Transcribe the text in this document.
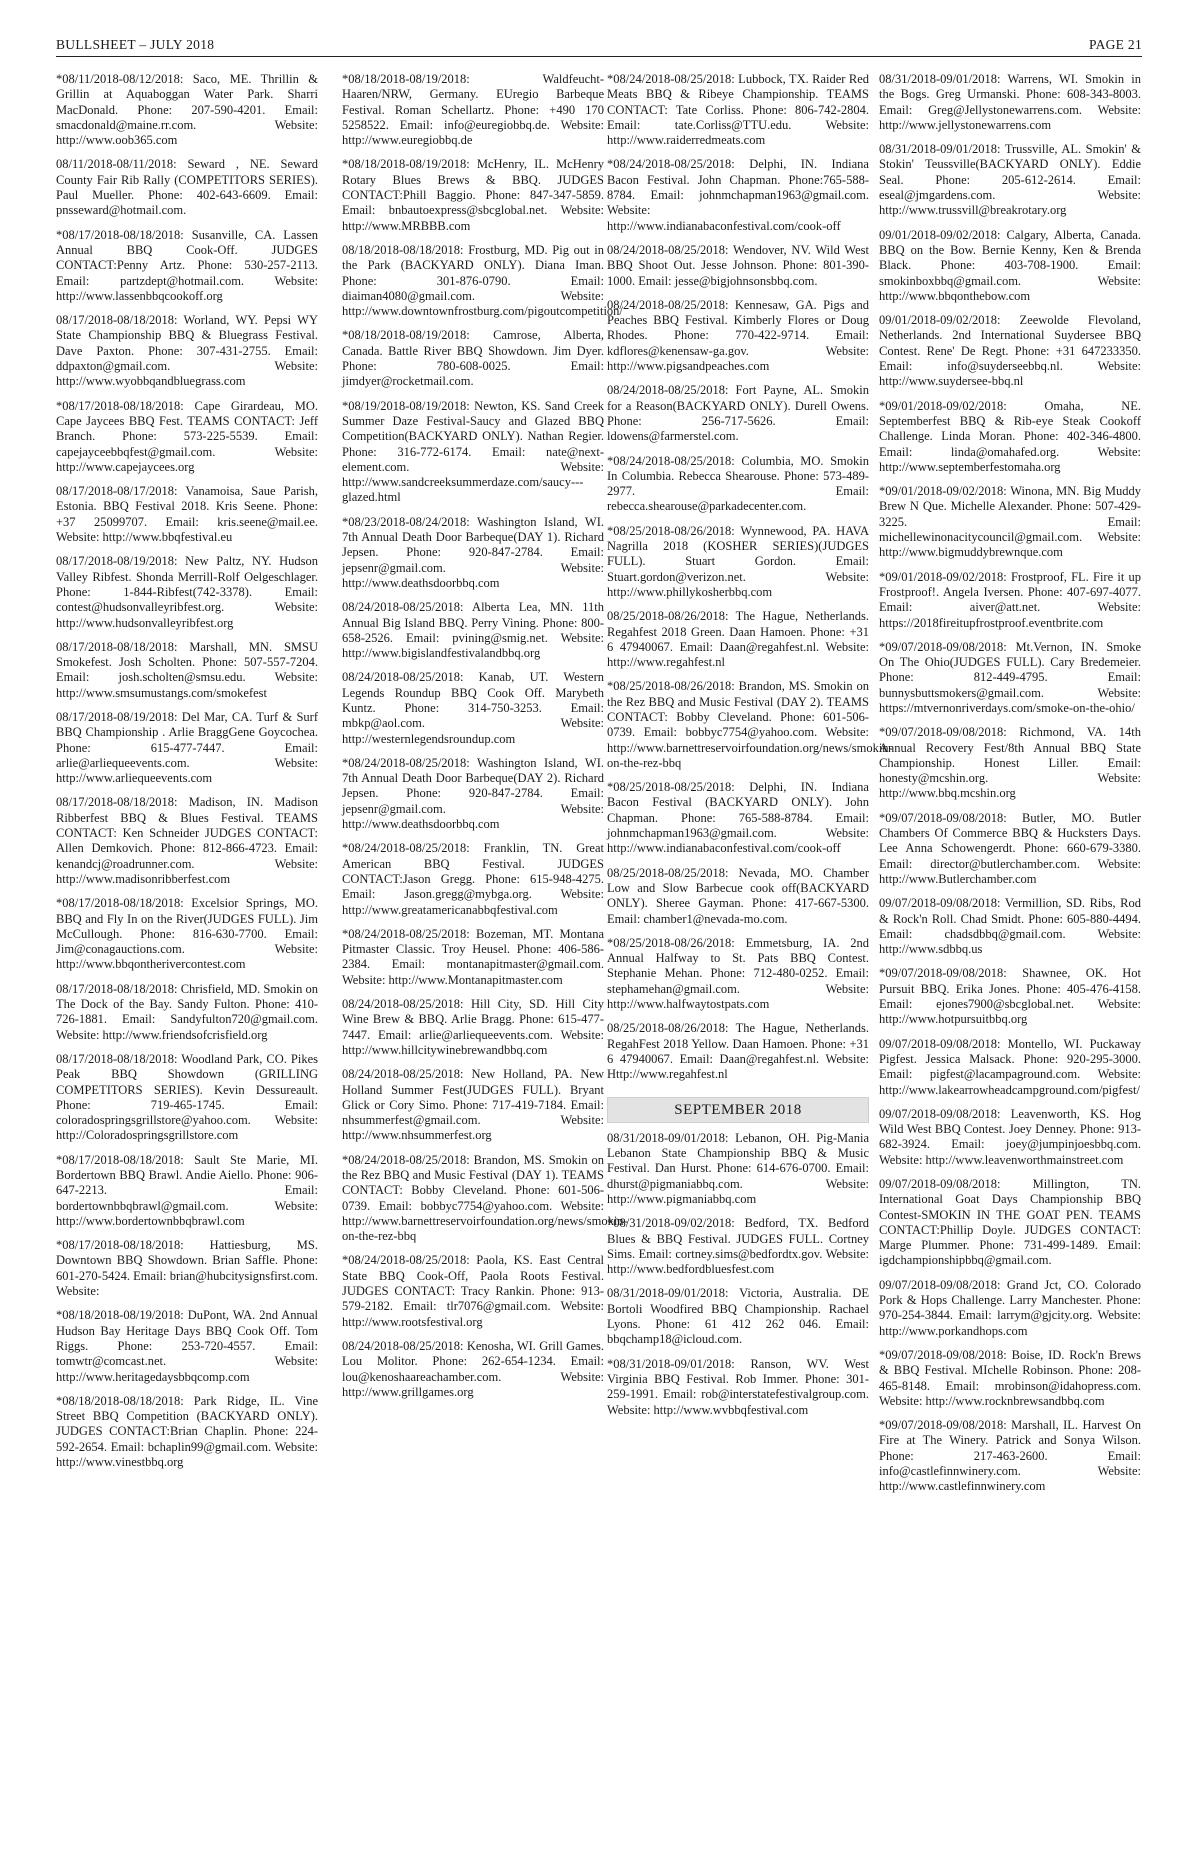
BULLSHEET – JULY 2018	PAGE 21

*08/11/2018-08/12/2018: Saco, ME. Thrillin & Grillin at Aquaboggan Water Park. Sharri MacDonald. Phone: 207-590-4201. Email: smacdonald@maine.rr.com. Website: http://www.oob365.com

08/11/2018-08/11/2018: Seward , NE. Seward County Fair Rib Rally (COMPETITORS SERIES). Paul Mueller. Phone: 402-643-6609. Email: pnsseward@hotmail.com.

*08/17/2018-08/18/2018: Susanville, CA. Lassen Annual BBQ Cook-Off. JUDGES CONTACT:Penny Artz. Phone: 530-257-2113. Email: partzdept@hotmail.com. Website: http://www.lassenbbqcookoff.org

08/17/2018-08/18/2018: Worland, WY. Pepsi WY State Championship BBQ & Bluegrass Festival. Dave Paxton. Phone: 307-431-2755. Email: ddpaxton@gmail.com. Website: http://www.wyobbqandbluegrass.com

*08/17/2018-08/18/2018: Cape Girardeau, MO. Cape Jaycees BBQ Fest. TEAMS CONTACT: Jeff Branch. Phone: 573-225-5539. Email: capejayceebbqfest@gmail.com. Website: http://www.capejaycees.org

08/17/2018-08/17/2018: Vanamoisa, Saue Parish, Estonia. BBQ Festival 2018. Kris Seene. Phone: +37 25099707. Email: kris.seene@mail.ee. Website: http://www.bbqfestival.eu

08/17/2018-08/19/2018: New Paltz, NY. Hudson Valley Ribfest. Shonda Merrill-Rolf Oelgeschlager. Phone: 1-844-Ribfest(742-3378). Email: contest@hudsonvalleyribfest.org. Website: http://www.hudsonvalleyribfest.org

08/17/2018-08/18/2018: Marshall, MN. SMSU Smokefest. Josh Scholten. Phone: 507-557-7204. Email: josh.scholten@smsu.edu. Website: http://www.smsumustangs.com/smokefest

08/17/2018-08/19/2018: Del Mar, CA. Turf & Surf BBQ Championship . Arlie BraggGene Goycochea. Phone: 615-477-7447. Email: arlie@arliequeevents.com. Website: http://www.arliequeevents.com

08/17/2018-08/18/2018: Madison, IN. Madison Ribberfest BBQ & Blues Festival. TEAMS CONTACT: Ken Schneider JUDGES CONTACT: Allen Demkovich. Phone: 812-866-4723. Email: kenandcj@roadrunner.com. Website: http://www.madisonribberfest.com

*08/17/2018-08/18/2018: Excelsior Springs, MO. BBQ and Fly In on the River(JUDGES FULL). Jim McCullough. Phone: 816-630-7700. Email: Jim@conagauctions.com. Website: http://www.bbqontherivercontest.com

08/17/2018-08/18/2018: Chrisfield, MD. Smokin on The Dock of the Bay. Sandy Fulton. Phone: 410-726-1881. Email: Sandyfulton720@gmail.com. Website: http://www.friendsofcrisfield.org

08/17/2018-08/18/2018: Woodland Park, CO. Pikes Peak BBQ Showdown (GRILLING COMPETITORS SERIES). Kevin Dessureault. Phone: 719-465-1745. Email: coloradospringsgrillstore@yahoo.com. Website: http://Coloradospringsgrillstore.com

*08/17/2018-08/18/2018: Sault Ste Marie, MI. Bordertown BBQ Brawl. Andie Aiello. Phone: 906-647-2213. Email: bordertownbbqbrawl@gmail.com. Website: http://www.bordertownbbqbrawl.com

*08/17/2018-08/18/2018: Hattiesburg, MS. Downtown BBQ Showdown. Brian Saffle. Phone: 601-270-5424. Email: brian@hubcitysignsfirst.com. Website:

*08/18/2018-08/19/2018: DuPont, WA. 2nd Annual Hudson Bay Heritage Days BBQ Cook Off. Tom Riggs. Phone: 253-720-4557. Email: tomwtr@comcast.net. Website: http://www.heritagedaysbbqcomp.com

*08/18/2018-08/18/2018: Park Ridge, IL. Vine Street BBQ Competition (BACKYARD ONLY). JUDGES CONTACT:Brian Chaplin. Phone: 224-592-2654. Email: bchaplin99@gmail.com. Website: http://www.vinestbbq.org

*08/18/2018-08/19/2018: Waldfeucht-Haaren/NRW, Germany. EUregio Barbeque Festival. Roman Schellartz. Phone: +490 170 5258522. Email: info@euregiobbq.de. Website: http://www.euregiobbq.de

*08/18/2018-08/19/2018: McHenry, IL. McHenry Rotary Blues Brews & BBQ. JUDGES CONTACT:Phill Baggio. Phone: 847-347-5859. Email: bnbautoexpress@sbcglobal.net. Website: http://www.MRBBB.com

08/18/2018-08/18/2018: Frostburg, MD. Pig out in the Park (BACKYARD ONLY). Diana Iman. Phone: 301-876-0790. Email: diaiman4080@gmail.com. Website: http://www.downtownfrostburg.com/pigoutcompetition/

*08/18/2018-08/19/2018: Camrose, Alberta, Canada. Battle River BBQ Showdown. Jim Dyer. Phone: 780-608-0025. Email: jimdyer@rocketmail.com.

*08/19/2018-08/19/2018: Newton, KS. Sand Creek Summer Daze Festival-Saucy and Glazed BBQ Competition(BACKYARD ONLY). Nathan Regier. Phone: 316-772-6174. Email: nate@next-element.com. Website: http://www.sandcreeksummerdaze.com/saucy---glazed.html

*08/23/2018-08/24/2018: Washington Island, WI. 7th Annual Death Door Barbeque(DAY 1). Richard Jepsen. Phone: 920-847-2784. Email: jepsenr@gmail.com. Website: http://www.deathsdoorbbq.com

08/24/2018-08/25/2018: Alberta Lea, MN. 11th Annual Big Island BBQ. Perry Vining. Phone: 800-658-2526. Email: pvining@smig.net. Website: http://www.bigislandfestivalandbbq.org

08/24/2018-08/25/2018: Kanab, UT. Western Legends Roundup BBQ Cook Off. Marybeth Kuntz. Phone: 314-750-3253. Email: mbkp@aol.com. Website: http://westernlegendsroundup.com

*08/24/2018-08/25/2018: Washington Island, WI. 7th Annual Death Door Barbeque(DAY 2). Richard Jepsen. Phone: 920-847-2784. Email: jepsenr@gmail.com. Website: http://www.deathsdoorbbq.com

*08/24/2018-08/25/2018: Franklin, TN. Great American BBQ Festival. JUDGES CONTACT:Jason Gregg. Phone: 615-948-4275. Email: Jason.gregg@mybga.org. Website: http://www.greatamericanabbqfestival.com

*08/24/2018-08/25/2018: Bozeman, MT. Montana Pitmaster Classic. Troy Heusel. Phone: 406-586-2384. Email: montanapitmaster@gmail.com. Website: http://www.Montanapitmaster.com

08/24/2018-08/25/2018: Hill City, SD. Hill City Wine Brew & BBQ. Arlie Bragg. Phone: 615-477-7447. Email: arlie@arliequeevents.com. Website: http://www.hillcitywinebrewandbbq.com

08/24/2018-08/25/2018: New Holland, PA. New Holland Summer Fest(JUDGES FULL). Bryant Glick or Cory Simo. Phone: 717-419-7184. Email: nhsummerfest@gmail.com. Website: http://www.nhsummerfest.org

*08/24/2018-08/25/2018: Brandon, MS. Smokin on the Rez BBQ and Music Festival (DAY 1). TEAMS CONTACT: Bobby Cleveland. Phone: 601-506-0739. Email: bobbyc7754@yahoo.com. Website: http://www.barnettreservoirfoundation.org/news/smokin-on-the-rez-bbq

*08/24/2018-08/25/2018: Paola, KS. East Central State BBQ Cook-Off, Paola Roots Festival. JUDGES CONTACT: Tracy Rankin. Phone: 913-579-2182. Email: tlr7076@gmail.com. Website: http://www.rootsfestival.org

08/24/2018-08/25/2018: Kenosha, WI. Grill Games. Lou Molitor. Phone: 262-654-1234. Email: lou@kenoshaareachamber.com. Website: http://www.grillgames.org

*08/24/2018-08/25/2018: Lubbock, TX. Raider Red Meats BBQ & Ribeye Championship. TEAMS CONTACT: Tate Corliss. Phone: 806-742-2804. Email: tate.Corliss@TTU.edu. Website: http://www.raiderredmeats.com

*08/24/2018-08/25/2018: Delphi, IN. Indiana Bacon Festival. John Chapman. Phone:765-588-8784. Email: johnmchapman1963@gmail.com. Website: http://www.indianabaconfestival.com/cook-off

08/24/2018-08/25/2018: Wendover, NV. Wild West BBQ Shoot Out. Jesse Johnson. Phone: 801-390-1000. Email: jesse@bigjohnsonsbbq.com.

08/24/2018-08/25/2018: Kennesaw, GA. Pigs and Peaches BBQ Festival. Kimberly Flores or Doug Rhodes. Phone: 770-422-9714. Email: kdflores@kenensaw-ga.gov. Website: http://www.pigsandpeaches.com

08/24/2018-08/25/2018: Fort Payne, AL. Smokin for a Reason(BACKYARD ONLY). Durell Owens. Phone: 256-717-5626. Email: ldowens@farmerstel.com.

*08/24/2018-08/25/2018: Columbia, MO. Smokin In Columbia. Rebecca Shearouse. Phone: 573-489-2977. Email: rebecca.shearouse@parkadecenter.com.

*08/25/2018-08/26/2018: Wynnewood, PA. HAVA Nagrilla 2018 (KOSHER SERIES)(JUDGES FULL). Stuart Gordon. Email: Stuart.gordon@verizon.net. Website: http://www.phillykosherbbq.com

08/25/2018-08/26/2018: The Hague, Netherlands. Regahfest 2018 Green. Daan Hamoen. Phone: +31 6 47940067. Email: Daan@regahfest.nl. Website: http://www.regahfest.nl

*08/25/2018-08/26/2018: Brandon, MS. Smokin on the Rez BBQ and Music Festival (DAY 2). TEAMS CONTACT: Bobby Cleveland. Phone: 601-506-0739. Email: bobbyc7754@yahoo.com. Website: http://www.barnettreservoirfoundation.org/news/smokin-on-the-rez-bbq

*08/25/2018-08/25/2018: Delphi, IN. Indiana Bacon Festival (BACKYARD ONLY). John Chapman. Phone: 765-588-8784. Email: johnmchapman1963@gmail.com. Website: http://www.indianabaconfestival.com/cook-off

08/25/2018-08/25/2018: Nevada, MO. Chamber Low and Slow Barbecue cook off(BACKYARD ONLY). Sheree Gayman. Phone: 417-667-5300. Email: chamber1@nevada-mo.com.

*08/25/2018-08/26/2018: Emmetsburg, IA. 2nd Annual Halfway to St. Pats BBQ Contest. Stephanie Mehan. Phone: 712-480-0252. Email: stephamehan@gmail.com. Website: http://www.halfwaytostpats.com

08/25/2018-08/26/2018: The Hague, Netherlands. RegahFest 2018 Yellow. Daan Hamoen. Phone: +31 6 47940067. Email: Daan@regahfest.nl. Website: Http://www.regahfest.nl

SEPTEMBER 2018

08/31/2018-09/01/2018: Lebanon, OH. Pig-Mania Lebanon State Championship BBQ & Music Festival. Dan Hurst. Phone: 614-676-0700. Email: dhurst@pigmaniabbq.com. Website: http://www.pigmaniabbq.com

*08/31/2018-09/02/2018: Bedford, TX. Bedford Blues & BBQ Festival. JUDGES FULL. Cortney Sims. Email: cortney.sims@bedfordtx.gov. Website: http://www.bedfordbluesfest.com

08/31/2018-09/01/2018: Victoria, Australia. DE Bortoli Woodfired BBQ Championship. Rachael Lyons. Phone: 61 412 262 046. Email: bbqchamp18@icloud.com.

*08/31/2018-09/01/2018: Ranson, WV. West Virginia BBQ Festival. Rob Immer. Phone: 301-259-1991. Email: rob@interstatefestivalgroup.com. Website: http://www.wvbbqfestival.com

08/31/2018-09/01/2018: Warrens, WI. Smokin in the Bogs. Greg Urmanski. Phone: 608-343-8003. Email: Greg@Jellystonewarrens.com. Website: http://www.jellystonewarrens.com

08/31/2018-09/01/2018: Trussville, AL. Smokin' & Stokin' Teussville(BACKYARD ONLY). Eddie Seal. Phone: 205-612-2614. Email: eseal@jmgardens.com. Website: http://www.trussvill@breakrotary.org

09/01/2018-09/02/2018: Calgary, Alberta, Canada. BBQ on the Bow. Bernie Kenny, Ken & Brenda Black. Phone: 403-708-1900. Email: smokinboxbbq@gmail.com. Website: http://www.bbqonthebow.com

09/01/2018-09/02/2018: Zeewolde Flevoland, Netherlands. 2nd International Suydersee BBQ Contest. Rene' De Regt. Phone: +31 647233350. Email: info@suyderseebbq.nl. Website: http://www.suydersee-bbq.nl

*09/01/2018-09/02/2018: Omaha, NE. Septemberfest BBQ & Rib-eye Steak Cookoff Challenge. Linda Moran. Phone: 402-346-4800. Email: linda@omahafed.org. Website: http://www.septemberfestomaha.org

*09/01/2018-09/02/2018: Winona, MN. Big Muddy Brew N Que. Michelle Alexander. Phone: 507-429-3225. Email: michellewinonacitycouncil@gmail.com. Website: http://www.bigmuddybrewnque.com

*09/01/2018-09/02/2018: Frostproof, FL. Fire it up Frostproof!. Angela Iversen. Phone: 407-697-4077. Email: aiver@att.net. Website: https://2018fireitupfrostproof.eventbrite.com

*09/07/2018-09/08/2018: Mt.Vernon, IN. Smoke On The Ohio(JUDGES FULL). Cary Bredemeier. Phone: 812-449-4795. Email: bunnysbuttsmokers@gmail.com. Website: https://mtvernonriverdays.com/smoke-on-the-ohio/

*09/07/2018-09/08/2018: Richmond, VA. 14th Annual Recovery Fest/8th Annual BBQ State Championship. Honest Liller. Email: honesty@mcshin.org. Website: http://www.bbq.mcshin.org

*09/07/2018-09/08/2018: Butler, MO. Butler Chambers Of Commerce BBQ & Hucksters Days. Lee Anna Schowengerdt. Phone: 660-679-3380. Email: director@butlerchamber.com. Website: http://www.Butlerchamber.com

09/07/2018-09/08/2018: Vermillion, SD. Ribs, Rod & Rock'n Roll. Chad Smidt. Phone: 605-880-4494. Email: chadsdbbq@gmail.com. Website: http://www.sdbbq.us

*09/07/2018-09/08/2018: Shawnee, OK. Hot Pursuit BBQ. Erika Jones. Phone: 405-476-4158. Email: ejones7900@sbcglobal.net. Website: http://www.hotpursuitbbq.org

09/07/2018-09/08/2018: Montello, WI. Puckaway Pigfest. Jessica Malsack. Phone: 920-295-3000. Email: pigfest@lacampaground.com. Website: http://www.lakearrowheadcampground.com/pigfest/

09/07/2018-09/08/2018: Leavenworth, KS. Hog Wild West BBQ Contest. Joey Denney. Phone: 913-682-3924. Email: joey@jumpinjoesbbq.com. Website: http://www.leavenworthmainstreet.com

09/07/2018-09/08/2018: Millington, TN. International Goat Days Championship BBQ Contest-SMOKIN IN THE GOAT PEN. TEAMS CONTACT:Phillip Doyle. JUDGES CONTACT: Marge Plummer. Phone: 731-499-1489. Email: igdchampionshipbbq@gmail.com.

09/07/2018-09/08/2018: Grand Jct, CO. Colorado Pork & Hops Challenge. Larry Manchester. Phone: 970-254-3844. Email: larrym@gjcity.org. Website: http://www.porkandhops.com

*09/07/2018-09/08/2018: Boise, ID. Rock'n Brews & BBQ Festival. MIchelle Robinson. Phone: 208-465-8148. Email: mrobinson@idahopress.com. Website: http://www.rocknbrewsandbbq.com

*09/07/2018-09/08/2018: Marshall, IL. Harvest On Fire at The Winery. Patrick and Sonya Wilson. Phone: 217-463-2600. Email: info@castlefinnwinery.com. Website: http://www.castlefinnwinery.com
